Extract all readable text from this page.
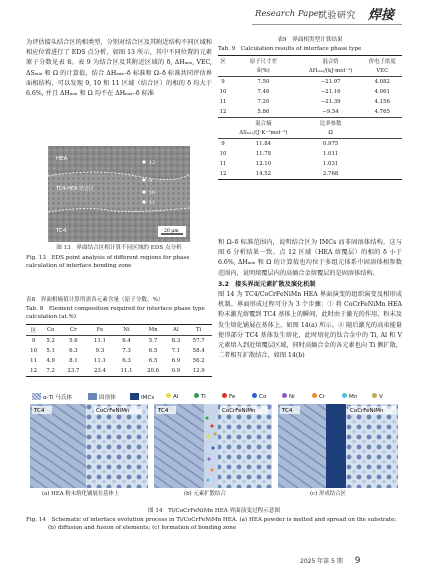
Research Paper
试验研究 焊接

为评估接头结合区的相类型，分别对结合区及其附近结构不同区域和相应位置进行了 EDS 点分析，如图 13 所示，其中不同位置的元素原子分数见表 8。表 9 为结合区及其附近区域的 δ, ΔHₘᵢₓ, VEC, ΔSₘᵢₓ 和 Ω 的计算值，结合 ΔHₘᵢₓ–δ 标准和 Ω–δ 标准共同评估界面相结构，可以发现 9, 10 和 11 区域（结合区）的相的 δ 均大于 6.6%, 并且 ΔHₘᵢₓ 和 Ω 均不在 ΔHₘᵢₓ–δ 标准

HEA
TC4-HEA 结合区
TC4
9
10
11
12
20 μm
图 13　界面结合区相计算不同区域的 EDS 点分析
Fig. 13　EDS point analysis of different regions for phase calculation of interface bonding zone
表8　界面相熵值计算所需各元素含量（原子分数，%）
Tab. 8　Element composition required for interface phase type calculation (at.%)
区	Co	Cr	Fe	Ni	Mn	Al	Ti
9	5.2	5.6	11.1	6.4	5.7	8.3	57.7
10	5.1	6.3	9.3	7.3	6.5	7.1	58.4
11	4.9	8.1	11.1	6.3	6.5	6.9	56.2
12	7.2	23.7	23.4	11.1	20.6	0.9	12.9
表9　界面相类型计算结果
Tab. 9　Calculation results of interface phase type
区	原子尺寸差	混合焓	价电子浓度
	δ(%)	ΔHₘᵢₓ/(kJ·mol⁻¹)	VEC
9	7.50	−21.97	4.082
10	7.46	−21.16	4.061
11	7.20	−21.39	4.156
12	5.86	−9.54	4.765
	混合熵	比率参数	
	ΔSₘᵢₓ/(J·K⁻¹mol⁻¹)	Ω	
9	11.84	0.975	
10	11.78	1.011	
11	12.10	1.031	
12	14.52	2.768	

和 Ω–δ 标准范围内，说明结合区为 IMCs 而非固溶体结构，这与图 6 分析结果一致。点 12 区域（HEA 熔覆层）的相的 δ 小于 6.6%, ΔHₘᵢₓ 和 Ω 的计算值也均位于多组元体系中固溶体相参数范围内，说明熔覆层内的高熵合金熔覆层的是固溶体结构。

3.2　接头界面元素扩散及演化机制

图 14 为 TC4/CoCrFeNiMn HEA 界面演变的组织演变及相形成机制。界面形成过程可分为 3 个步骤：① 将 CoCrFeNiMn HEA 粉末激光熔覆到 TC4 基体上的瞬间，此时由于激光的作用，粉末及发生熔化铺展在基体上，如图 14(a) 所示。② 随后激光的高束能量使得部分 TC4 基体发生熔化，此时熔化的钛合金中的 Ti, Al 和 V 元素熔入到近熔覆层区域，同时高熵合金的各元素也向 Ti 侧扩散，二者相互扩散结合，如图 14(b)

α-Ti 马氏体	固溶体	IMCs	Al	Ti	Fe	Co	Ni	Cr	Mn	V
TC4	CoCrFeNiMn	TC4	CoCrFeNiMn	TC4	CoCrFeNiMn
(a) HEA 粉末熔化铺展在基体上	(b) 元素扩散结合	(c) 形成结合区
图 14　Ti/CoCrFeNiMn HEA 界面演变过程示意图
Fig. 14　Schematic of interface evolution process in Ti/CoCrFeNiMn HEA. (a) HEA powder is melted and spread on the substrate;
(b) diffusion and fusion of elements; (c) formation of bonding zone
2025 年第 5 期 9
